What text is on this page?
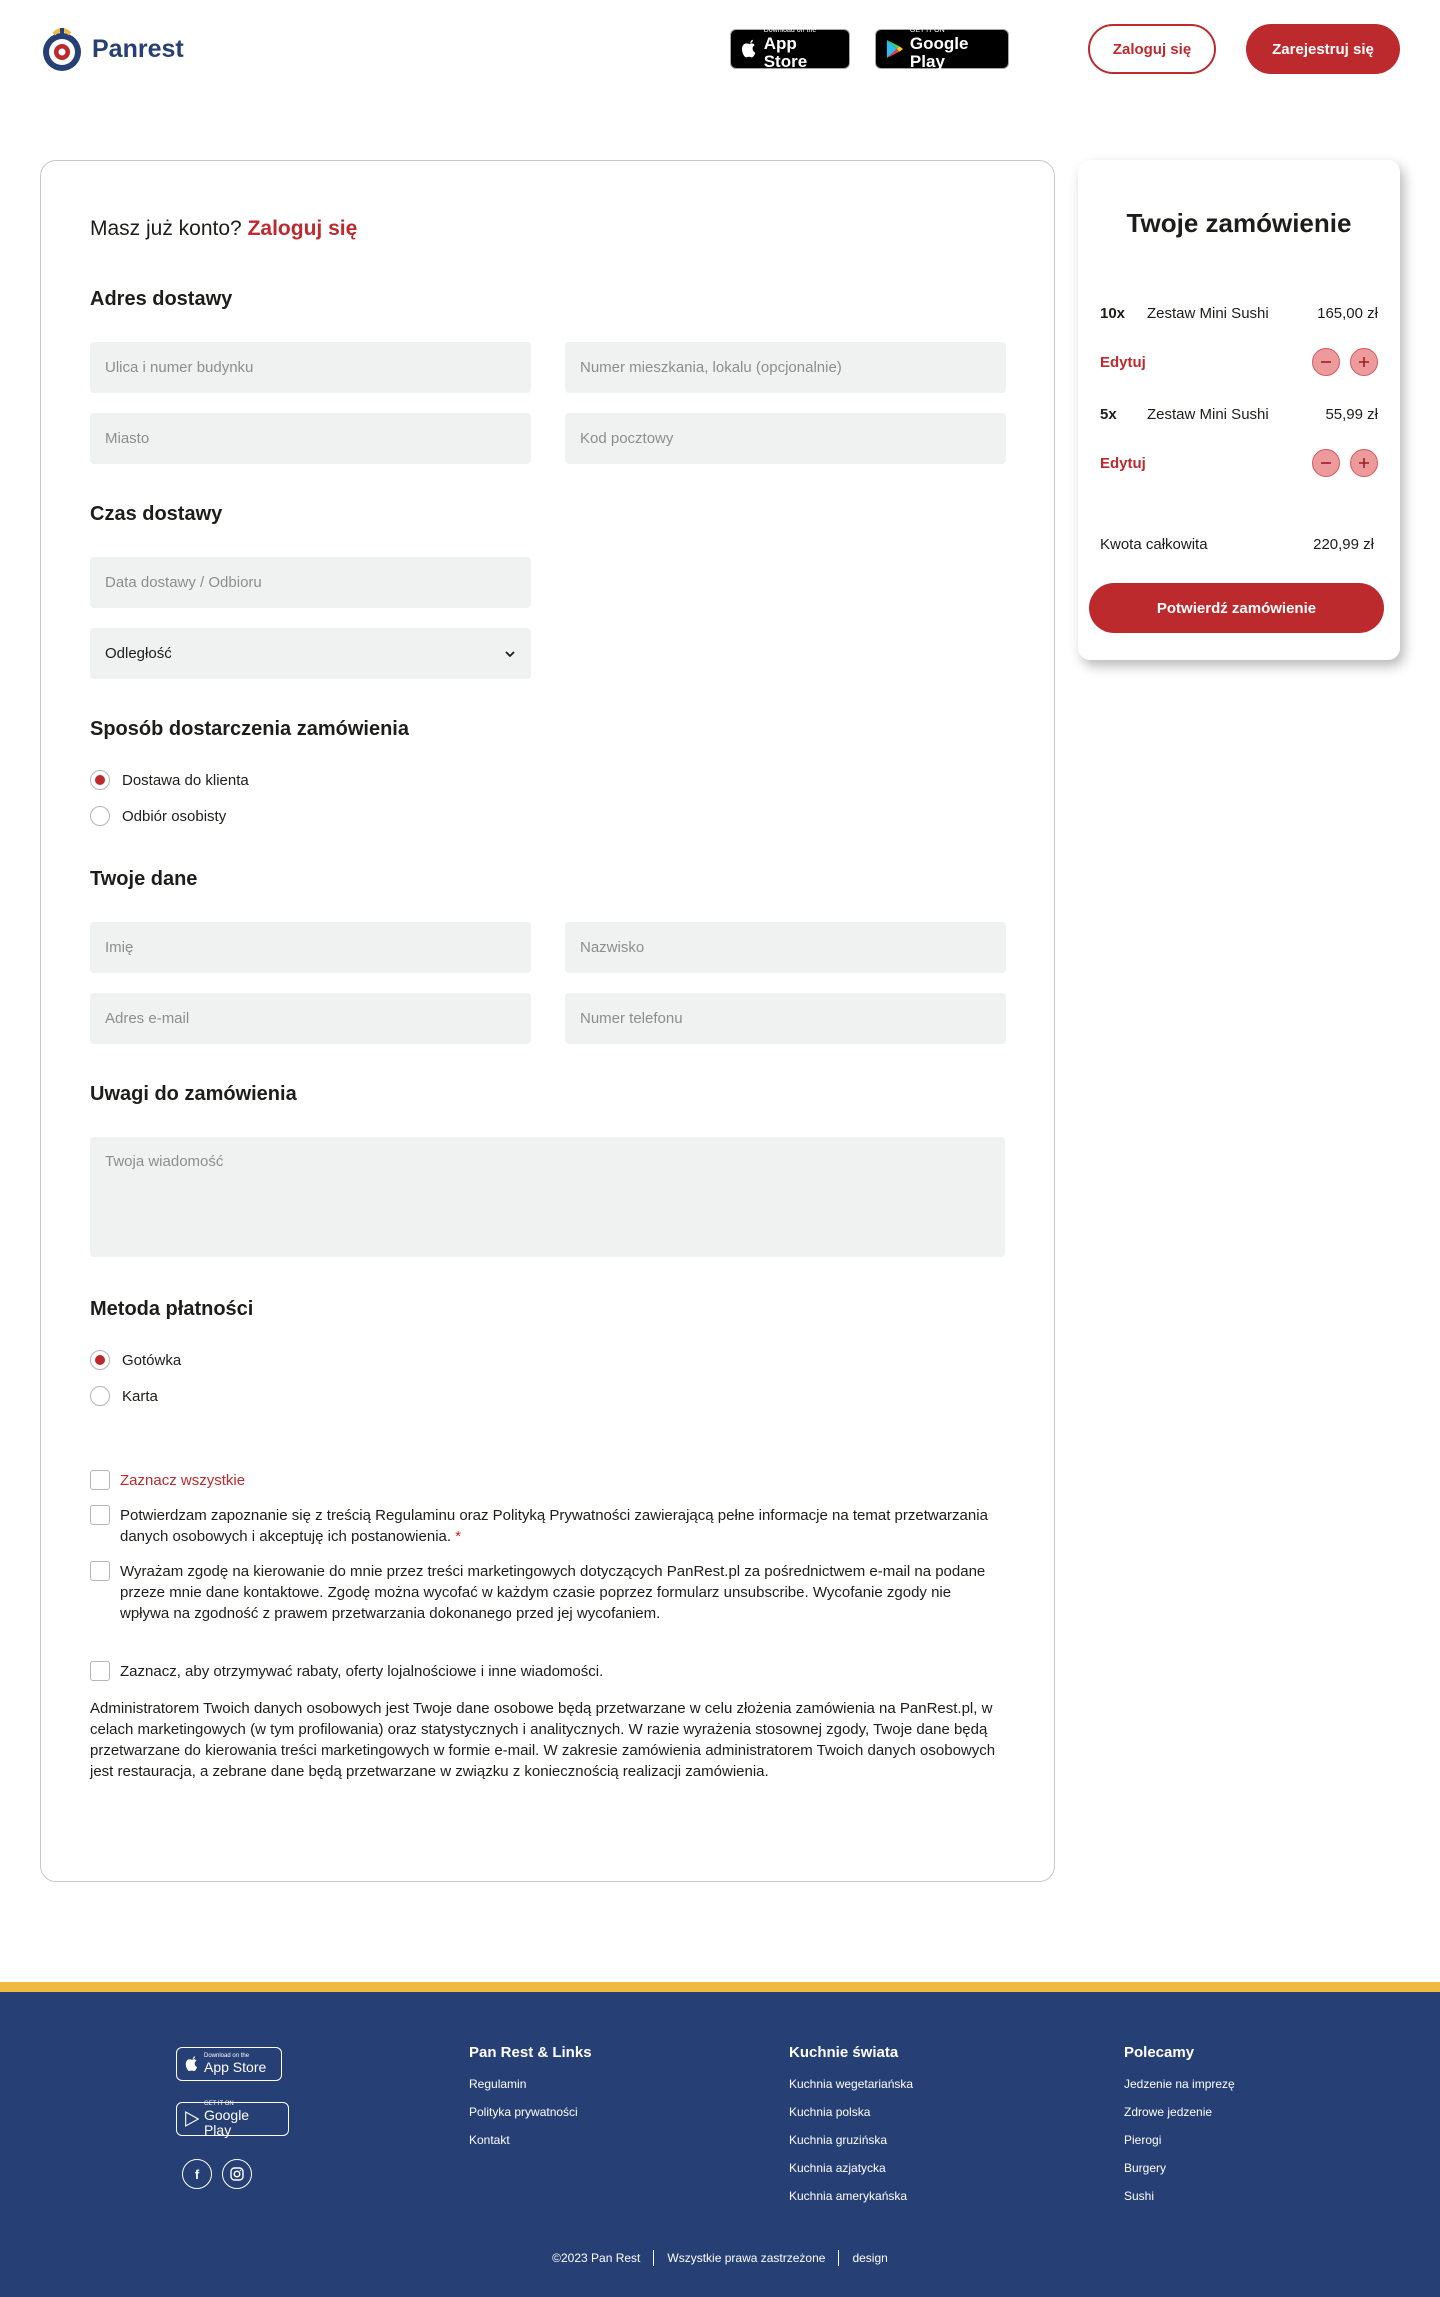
Panrest
Download on the
App Store
GET IT ON
Google Play
Zaloguj się	Zarejestruj się
Masz już konto? Zaloguj się
Adres dostawy
Ulica i numer budynku	Numer mieszkania, lokalu (opcjonalnie)
Miasto	Kod pocztowy
Czas dostawy
Data dostawy / Odbioru
Odległość
Sposób dostarczenia zamówienia
Dostawa do klienta
Odbiór osobisty
Twoje dane
Imię	Nazwisko
Adres e-mail	Numer telefonu
Uwagi do zamówienia
Twoja wiadomość
Metoda płatności
Gotówka
Karta
Zaznacz wszystkie
Potwierdzam zapoznanie się z treścią Regulaminu oraz Polityką Prywatności zawierającą pełne informacje na temat przetwarzania danych osobowych i akceptuję ich postanowienia. *
Wyrażam zgodę na kierowanie do mnie przez treści marketingowych dotyczących PanRest.pl za pośrednictwem e-mail na podane przeze mnie dane kontaktowe. Zgodę można wycofać w każdym czasie poprzez formularz unsubscribe. Wycofanie zgody nie wpływa na zgodność z prawem przetwarzania dokonanego przed jej wycofaniem.
Zaznacz, aby otrzymywać rabaty, oferty lojalnościowe i inne wiadomości.
Administratorem Twoich danych osobowych jest Twoje dane osobowe będą przetwarzane w celu złożenia zamówienia na PanRest.pl, w celach marketingowych (w tym profilowania) oraz statystycznych i analitycznych. W razie wyrażenia stosownej zgody, Twoje dane będą przetwarzane do kierowania treści marketingowych w formie e-mail. W zakresie zamówienia administratorem Twoich danych osobowych jest restauracja, a zebrane dane będą przetwarzane w związku z koniecznością realizacji zamówienia.
Twoje zamówienie
10x	Zestaw Mini Sushi	165,00 zł
Edytuj
5x	Zestaw Mini Sushi	55,99 zł
Edytuj
Kwota całkowita	220,99 zł
Potwierdź zamówienie
Download on the
App Store
GET IT ON
Google Play
f
Pan Rest & Links
Regulamin
Polityka prywatności
Kontakt
Kuchnie świata
Kuchnia wegetariańska
Kuchnia polska
Kuchnia gruzińska
Kuchnia azjatycka
Kuchnia amerykańska
Polecamy
Jedzenie na imprezę
Zdrowe jedzenie
Pierogi
Burgery
Sushi
©2023 Pan Rest	Wszystkie prawa zastrzeżone	design
